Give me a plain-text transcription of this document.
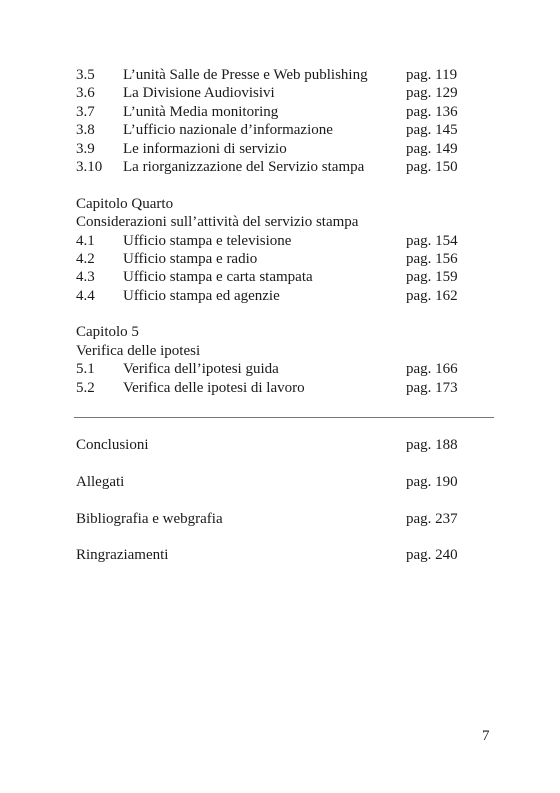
3.5 L’unità Salle de Presse e Web publishing	pag. 119
3.6 La Divisione Audiovisivi	pag. 129
3.7 L’unità Media monitoring	pag. 136
3.8 L’ufficio nazionale d’informazione	pag. 145
3.9 Le informazioni di servizio	pag. 149
3.10 La riorganizzazione del Servizio stampa	pag. 150
Capitolo Quarto
Considerazioni sull’attività del servizio stampa
4.1 Ufficio stampa e televisione	pag. 154
4.2 Ufficio stampa e radio	pag. 156
4.3 Ufficio stampa e carta stampata	pag. 159
4.4 Ufficio stampa ed agenzie	pag. 162
Capitolo 5
Verifica delle ipotesi
5.1 Verifica dell’ipotesi guida	pag. 166
5.2 Verifica delle ipotesi di lavoro	pag. 173
Conclusioni	pag. 188
Allegati	pag. 190
Bibliografia e webgrafia	pag. 237
Ringraziamenti	pag. 240
7
